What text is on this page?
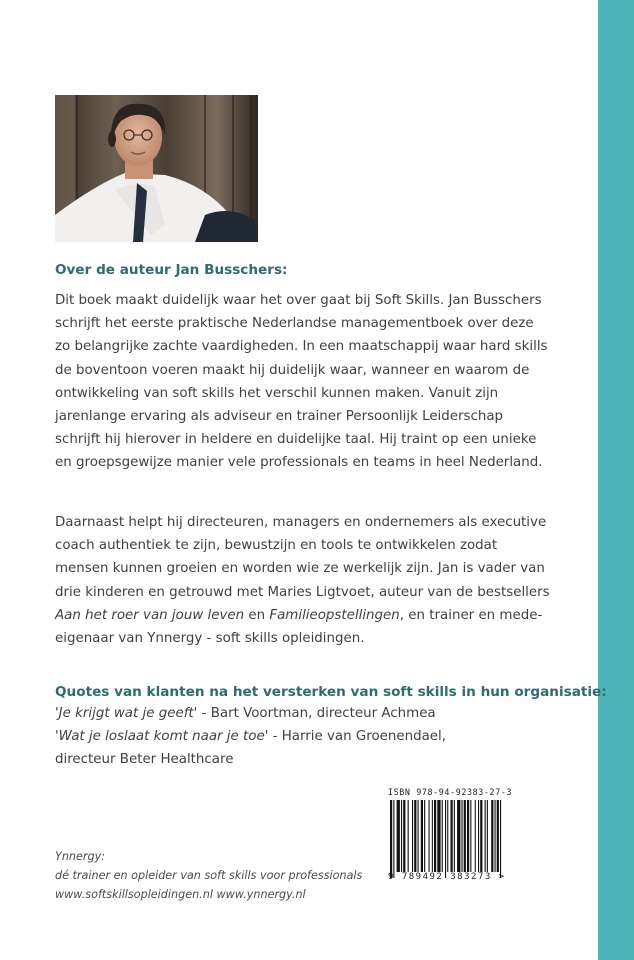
Over de auteur Jan Busschers:
Dit boek maakt duidelijk waar het over gaat bij Soft Skills. Jan Busschers
schrijft het eerste praktische Nederlandse managementboek over deze
zo belangrijke zachte vaardigheden. In een maatschappij waar hard skills
de boventoon voeren maakt hij duidelijk waar, wanneer en waarom de
ontwikkeling van soft skills het verschil kunnen maken. Vanuit zijn
jarenlange ervaring als adviseur en trainer Persoonlijk Leiderschap
schrijft hij hierover in heldere en duidelijke taal. Hij traint op een unieke
en groepsgewijze manier vele professionals en teams in heel Nederland.
Daarnaast helpt hij directeuren, managers en ondernemers als executive
coach authentiek te zijn, bewustzijn en tools te ontwikkelen zodat
mensen kunnen groeien en worden wie ze werkelijk zijn. Jan is vader van
drie kinderen en getrouwd met Maries Ligtvoet, auteur van de bestsellers
Aan het roer van jouw leven en Familieopstellingen, en trainer en mede-
eigenaar van Ynnergy - soft skills opleidingen.
Quotes van klanten na het versterken van soft skills in hun organisatie:
'Je krijgt wat je geeft' - Bart Voortman, directeur Achmea
'Wat je loslaat komt naar je toe' - Harrie van Groenendael,
directeur Beter Healthcare
ISBN 978-94-92383-27-3
9 789492 383273 >
Ynnergy:
dé trainer en opleider van soft skills voor professionals
www.softskillsopleidingen.nl www.ynnergy.nl
